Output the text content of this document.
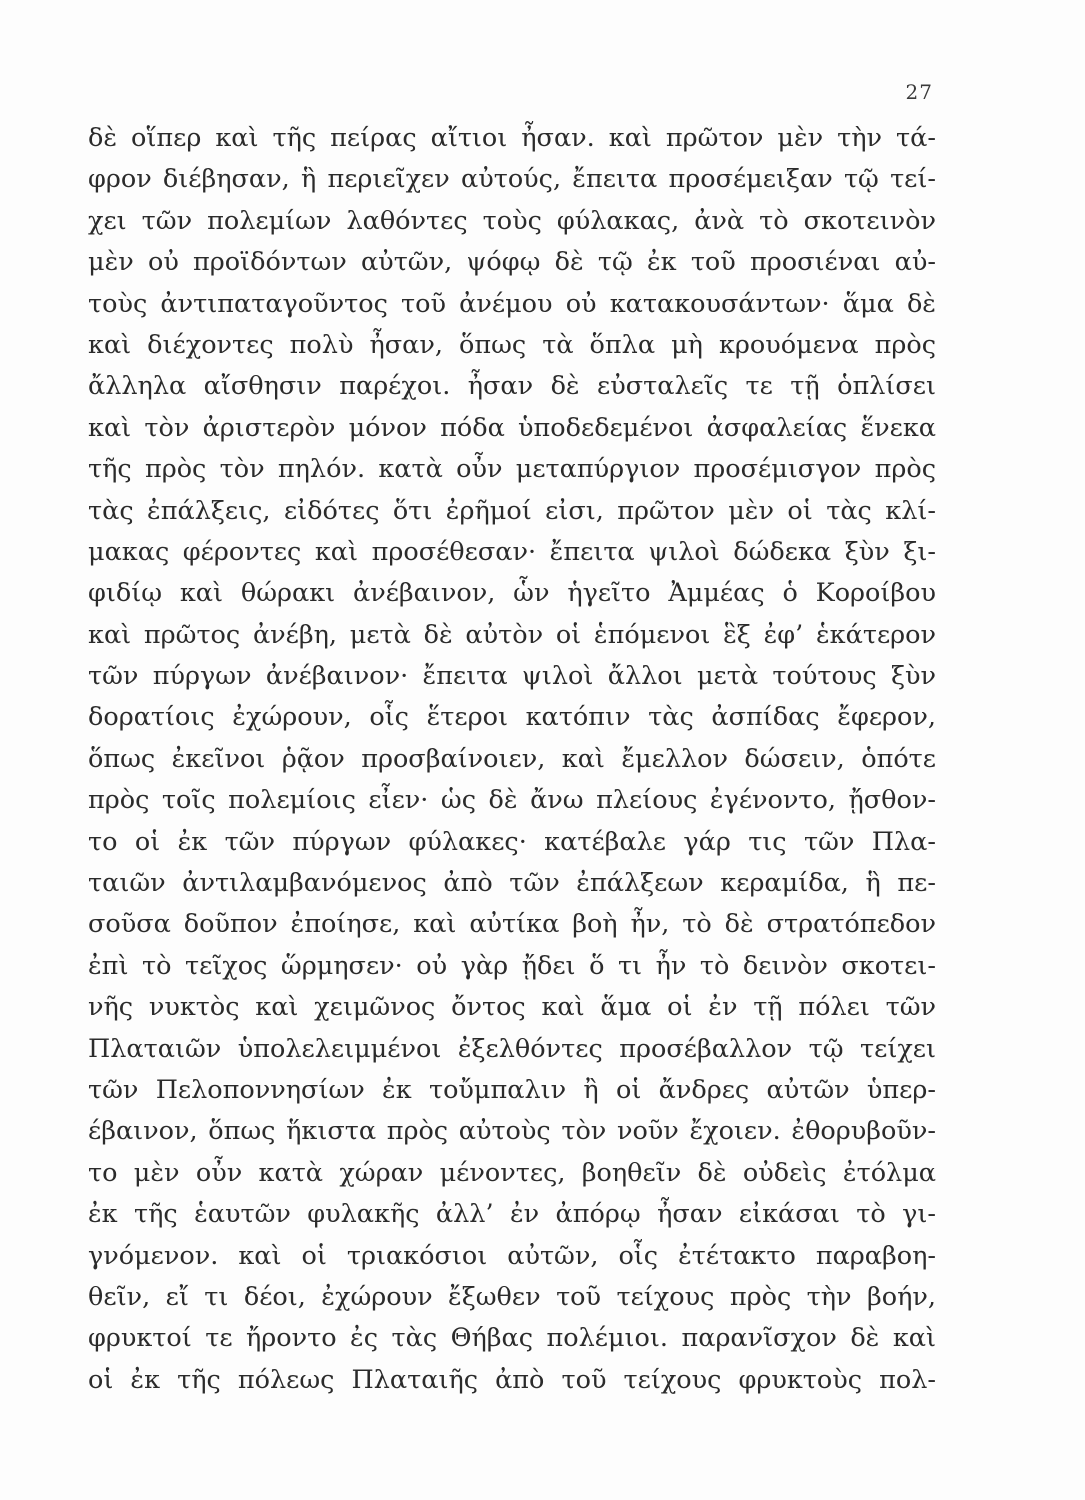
27
δὲ οἵπερ καὶ τῆς πείρας αἴτιοι ἦσαν. καὶ πρῶτον μὲν τὴν τά-
φρον διέβησαν, ἣ περιεῖχεν αὐτούς, ἔπειτα προσέμειξαν τῷ τεί-
χει τῶν πολεμίων λαθόντες τοὺς φύλακας, ἀνὰ τὸ σκοτεινὸν
μὲν οὐ προϊδόντων αὐτῶν, ψόφῳ δὲ τῷ ἐκ τοῦ προσιέναι αὐ-
τοὺς ἀντιπαταγοῦντος τοῦ ἀνέμου οὐ κατακουσάντων· ἅμα δὲ
καὶ διέχοντες πολὺ ἦσαν, ὅπως τὰ ὅπλα μὴ κρουόμενα πρὸς
ἄλληλα αἴσθησιν παρέχοι. ἦσαν δὲ εὐσταλεῖς τε τῇ ὁπλίσει
καὶ τὸν ἀριστερὸν μόνον πόδα ὑποδεδεμένοι ἀσφαλείας ἕνεκα
τῆς πρὸς τὸν πηλόν. κατὰ οὖν μεταπύργιον προσέμισγον πρὸς
τὰς ἐπάλξεις, εἰδότες ὅτι ἐρῆμοί εἰσι, πρῶτον μὲν οἱ τὰς κλί-
μακας φέροντες καὶ προσέθεσαν· ἔπειτα ψιλοὶ δώδεκα ξὺν ξι-
φιδίῳ καὶ θώρακι ἀνέβαινον, ὧν ἡγεῖτο Ἀμμέας ὁ Κοροίβου
καὶ πρῶτος ἀνέβη, μετὰ δὲ αὐτὸν οἱ ἑπόμενοι ἓξ ἐφ’ ἑκάτερον
τῶν πύργων ἀνέβαινον· ἔπειτα ψιλοὶ ἄλλοι μετὰ τούτους ξὺν
δορατίοις ἐχώρουν, οἷς ἕτεροι κατόπιν τὰς ἀσπίδας ἔφερον,
ὅπως ἐκεῖνοι ῥᾷον προσβαίνοιεν, καὶ ἔμελλον δώσειν, ὁπότε
πρὸς τοῖς πολεμίοις εἶεν· ὡς δὲ ἄνω πλείους ἐγένοντο, ᾔσθον-
το οἱ ἐκ τῶν πύργων φύλακες· κατέβαλε γάρ τις τῶν Πλα-
ταιῶν ἀντιλαμβανόμενος ἀπὸ τῶν ἐπάλξεων κεραμίδα, ἣ πε-
σοῦσα δοῦπον ἐποίησε, καὶ αὐτίκα βοὴ ἦν, τὸ δὲ στρατόπεδον
ἐπὶ τὸ τεῖχος ὥρμησεν· οὐ γὰρ ᾔδει ὅ τι ἦν τὸ δεινὸν σκοτει-
νῆς νυκτὸς καὶ χειμῶνος ὄντος καὶ ἅμα οἱ ἐν τῇ πόλει τῶν
Πλαταιῶν ὑπολελειμμένοι ἐξελθόντες προσέβαλλον τῷ τείχει
τῶν Πελοποννησίων ἐκ τοὔμπαλιν ἢ οἱ ἄνδρες αὐτῶν ὑπερ-
έβαινον, ὅπως ἥκιστα πρὸς αὐτοὺς τὸν νοῦν ἔχοιεν. ἐθορυβοῦν-
το μὲν οὖν κατὰ χώραν μένοντες, βοηθεῖν δὲ οὐδεὶς ἐτόλμα
ἐκ τῆς ἑαυτῶν φυλακῆς ἀλλ’ ἐν ἀπόρῳ ἦσαν εἰκάσαι τὸ γι-
γνόμενον. καὶ οἱ τριακόσιοι αὐτῶν, οἷς ἐτέτακτο παραβοη-
θεῖν, εἴ τι δέοι, ἐχώρουν ἔξωθεν τοῦ τείχους πρὸς τὴν βοήν,
φρυκτοί τε ἤροντο ἐς τὰς Θήβας πολέμιοι. παρανῖσχον δὲ καὶ
οἱ ἐκ τῆς πόλεως Πλαταιῆς ἀπὸ τοῦ τείχους φρυκτοὺς πολ-
